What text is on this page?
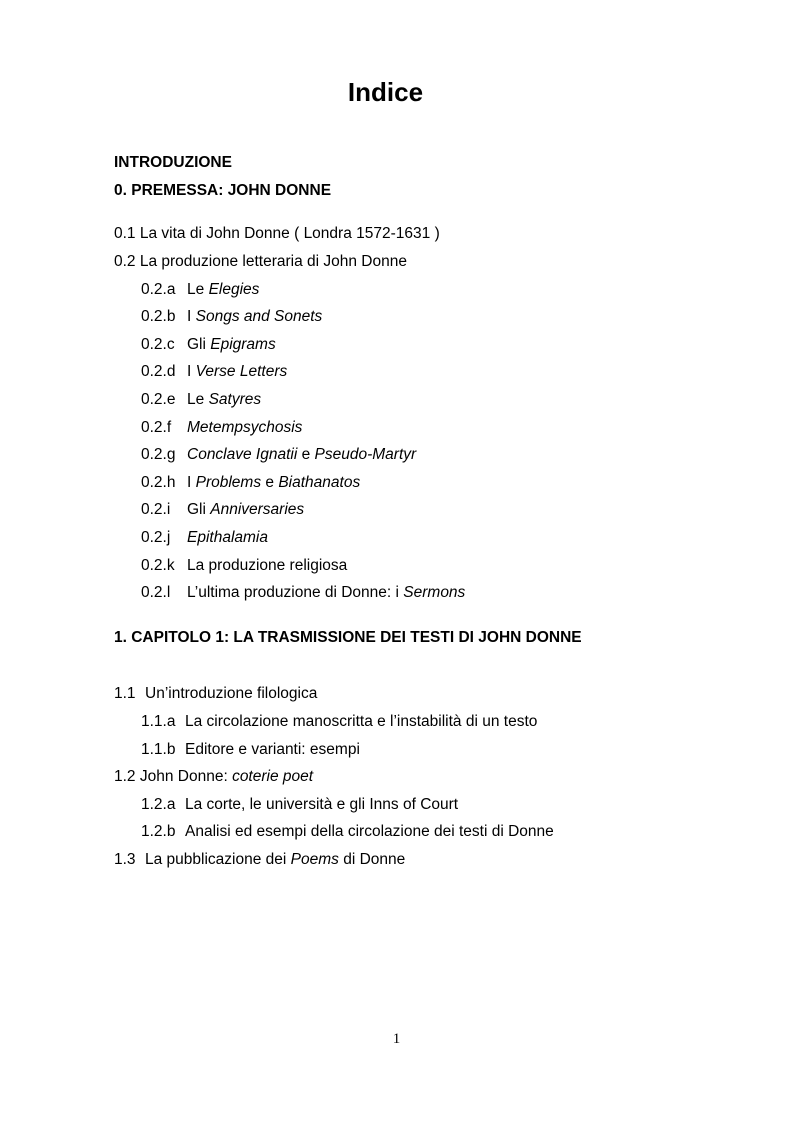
Indice
INTRODUZIONE
0. PREMESSA: JOHN DONNE
0.1 La vita di John Donne ( Londra 1572-1631 )
0.2 La produzione letteraria di John Donne
0.2.a Le Elegies
0.2.b I Songs and Sonets
0.2.c Gli Epigrams
0.2.d I Verse Letters
0.2.e Le Satyres
0.2.f Metempsychosis
0.2.g Conclave Ignatii e Pseudo-Martyr
0.2.h I Problems e Biathanatos
0.2.i Gli Anniversaries
0.2.j Epithalamia
0.2.k La produzione religiosa
0.2.l L’ultima produzione di Donne: i Sermons
1. CAPITOLO 1: LA TRASMISSIONE DEI TESTI DI JOHN DONNE
1.1 Un’introduzione filologica
1.1.a La circolazione manoscritta e l’instabilità di un testo
1.1.b Editore e varianti: esempi
1.2 John Donne: coterie poet
1.2.a La corte, le università e gli Inns of Court
1.2.b Analisi ed esempi della circolazione dei testi di Donne
1.3 La pubblicazione dei Poems di Donne
1
